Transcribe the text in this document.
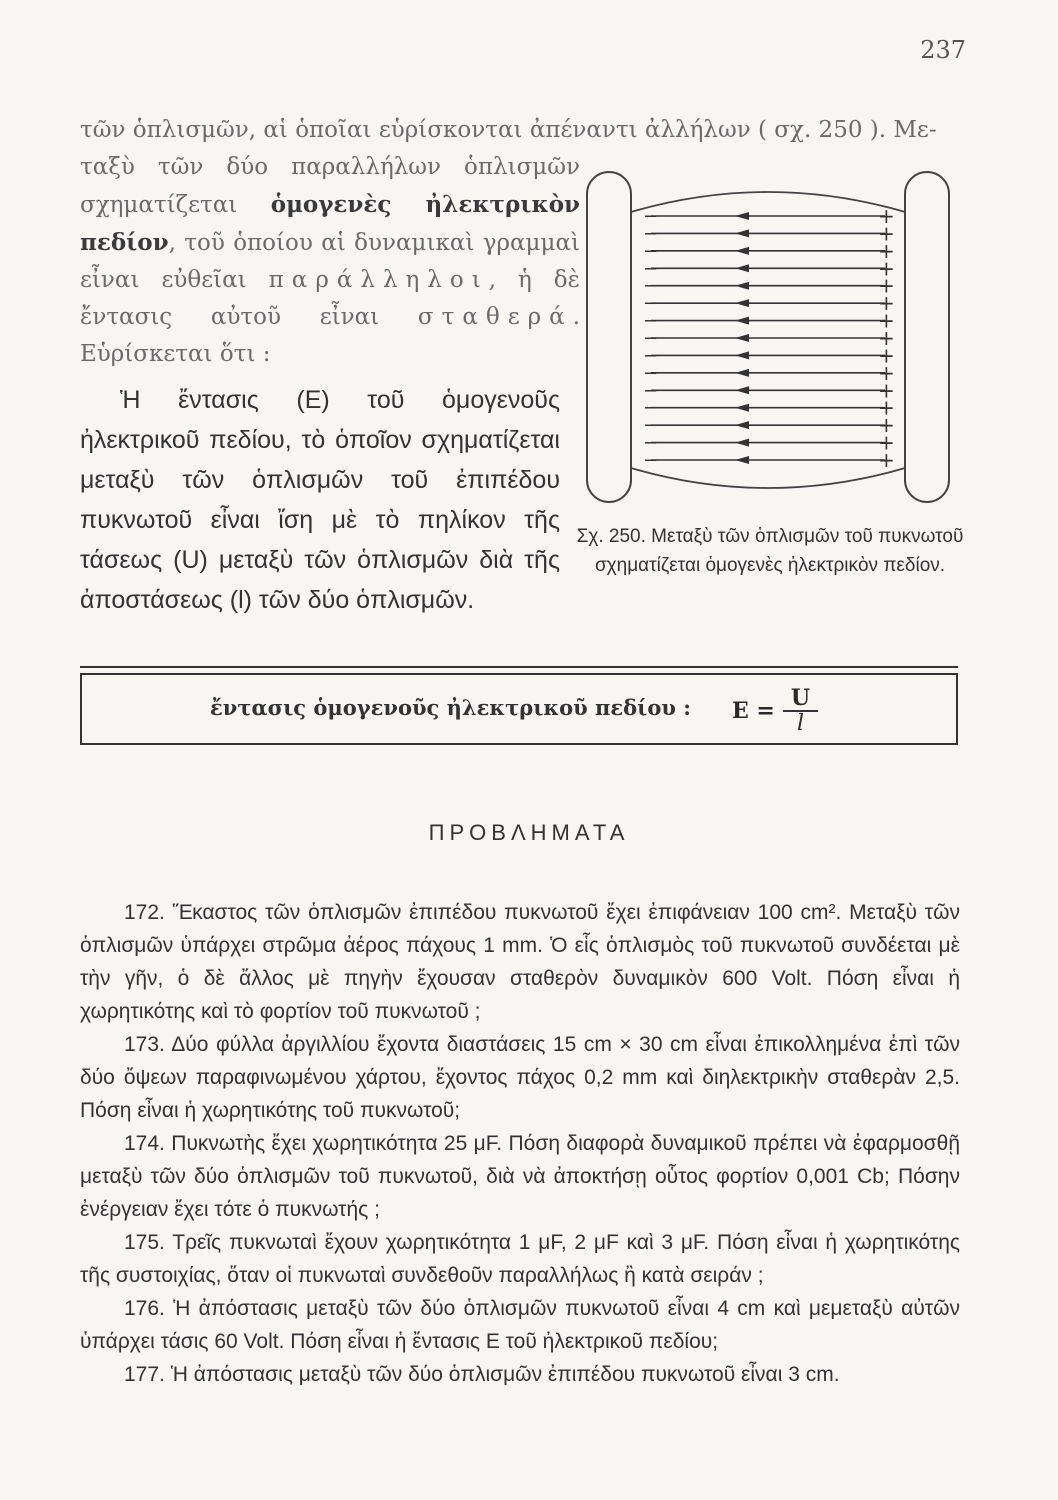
237

τῶν ὁπλισμῶν, αἱ ὁποῖαι εὑρίσκονται ἀπέναντι ἀλλήλων ( σχ. 250 ). Με-

ταξὺ τῶν δύο παραλλήλων ὁπλισμῶν σχηματίζεται ὁμογενὲς ἠλεκτρικὸν πεδίον, τοῦ ὁποίου αἱ δυναμικαὶ γραμμαὶ εἶναι εὐθεῖαι παράλληλοι, ἡ δὲ ἔντασις αὐτοῦ εἶναι σταθερά. Εὑρίσκεται ὅτι :

Ἡ ἔντασις (E) τοῦ ὁμογενοῦς ἠλεκτρικοῦ πεδίου, τὸ ὁποῖον σχηματίζεται μεταξὺ τῶν ὁπλισμῶν τοῦ ἐπιπέδου πυκνωτοῦ εἶναι ἴση μὲ τὸ πηλίκον τῆς τάσεως (U) μεταξὺ τῶν ὁπλισμῶν διὰ τῆς ἀποστάσεως (l) τῶν δύο ὁπλισμῶν.

−	+
−	+
−	+
−	+
−	+
−	+
−	+
−	+
−	+
−	+
−	+
−	+
−	+
−	+
−	+
Σχ. 250. Μεταξὺ τῶν ὁπλισμῶν τοῦ πυκνωτοῦ σχηματίζεται ὁμογενὲς ἠλεκτρικὸν πεδίον.
ἔντασις ὁμογενοῦς ἠλεκτρικοῦ πεδίου : $E = \frac{U}{l}$
ΠΡΟΒΛΗΜΑΤΑ

172. Ἕκαστος τῶν ὁπλισμῶν ἐπιπέδου πυκνωτοῦ ἔχει ἐπιφάνειαν 100 cm². Μεταξὺ τῶν ὁπλισμῶν ὑπάρχει στρῶμα ἀέρος πάχους 1 mm. Ὁ εἷς ὁπλισμὸς τοῦ πυκνωτοῦ συνδέεται μὲ τὴν γῆν, ὁ δὲ ἄλλος μὲ πηγὴν ἔχουσαν σταθερὸν δυναμικὸν 600 Volt. Πόση εἶναι ἡ χωρητικότης καὶ τὸ φορτίον τοῦ πυκνωτοῦ ;

173. Δύο φύλλα ἀργιλλίου ἔχοντα διαστάσεις 15 cm × 30 cm εἶναι ἐπικολλημένα ἐπὶ τῶν δύο ὄψεων παραφινωμένου χάρτου, ἔχοντος πάχος 0,2 mm καὶ διηλεκτρικὴν σταθερὰν 2,5. Πόση εἶναι ἡ χωρητικότης τοῦ πυκνωτοῦ;

174. Πυκνωτὴς ἔχει χωρητικότητα 25 μF. Πόση διαφορὰ δυναμικοῦ πρέπει νὰ ἐφαρμοσθῇ μεταξὺ τῶν δύο ὁπλισμῶν τοῦ πυκνωτοῦ, διὰ νὰ ἀποκτήσῃ οὗτος φορτίον 0,001 Cb; Πόσην ἐνέργειαν ἔχει τότε ὁ πυκνωτής ;

175. Τρεῖς πυκνωταὶ ἔχουν χωρητικότητα 1 μF, 2 μF καὶ 3 μF. Πόση εἶναι ἡ χωρητικότης τῆς συστοιχίας, ὅταν οἱ πυκνωταὶ συνδεθοῦν παραλλήλως ἢ κατὰ σειράν ;

176. Ἡ ἀπόστασις μεταξὺ τῶν δύο ὁπλισμῶν πυκνωτοῦ εἶναι 4 cm καὶ μεμεταξὺ αὐτῶν ὑπάρχει τάσις 60 Volt. Πόση εἶναι ἡ ἔντασις E τοῦ ἠλεκτρικοῦ πεδίου;

177. Ἡ ἀπόστασις μεταξὺ τῶν δύο ὁπλισμῶν ἐπιπέδου πυκνωτοῦ εἶναι 3 cm.
